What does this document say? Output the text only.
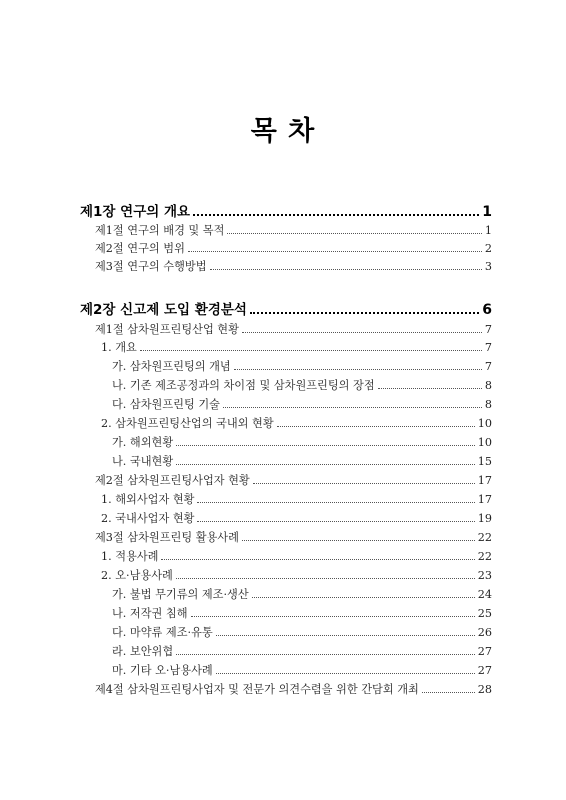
목 차
제1장 연구의 개요	1
제1절 연구의 배경 및 목적	1
제2절 연구의 범위	2
제3절 연구의 수행방법	3
제2장 신고제 도입 환경분석	6
제1절 삼차원프린팅산업 현황	7
1. 개요	7
가. 삼차원프린팅의 개념	7
나. 기존 제조공정과의 차이점 및 삼차원프린팅의 장점	8
다. 삼차원프린팅 기술	8
2. 삼차원프린팅산업의 국내외 현황	10
가. 해외현황	10
나. 국내현황	15
제2절 삼차원프린팅사업자 현황	17
1. 해외사업자 현황	17
2. 국내사업자 현황	19
제3절 삼차원프린팅 활용사례	22
1. 적용사례	22
2. 오·남용사례	23
가. 불법 무기류의 제조·생산	24
나. 저작권 침해	25
다. 마약류 제조·유통	26
라. 보안위협	27
마. 기타 오·남용사례	27
제4절 삼차원프린팅사업자 및 전문가 의견수렴을 위한 간담회 개최	28
